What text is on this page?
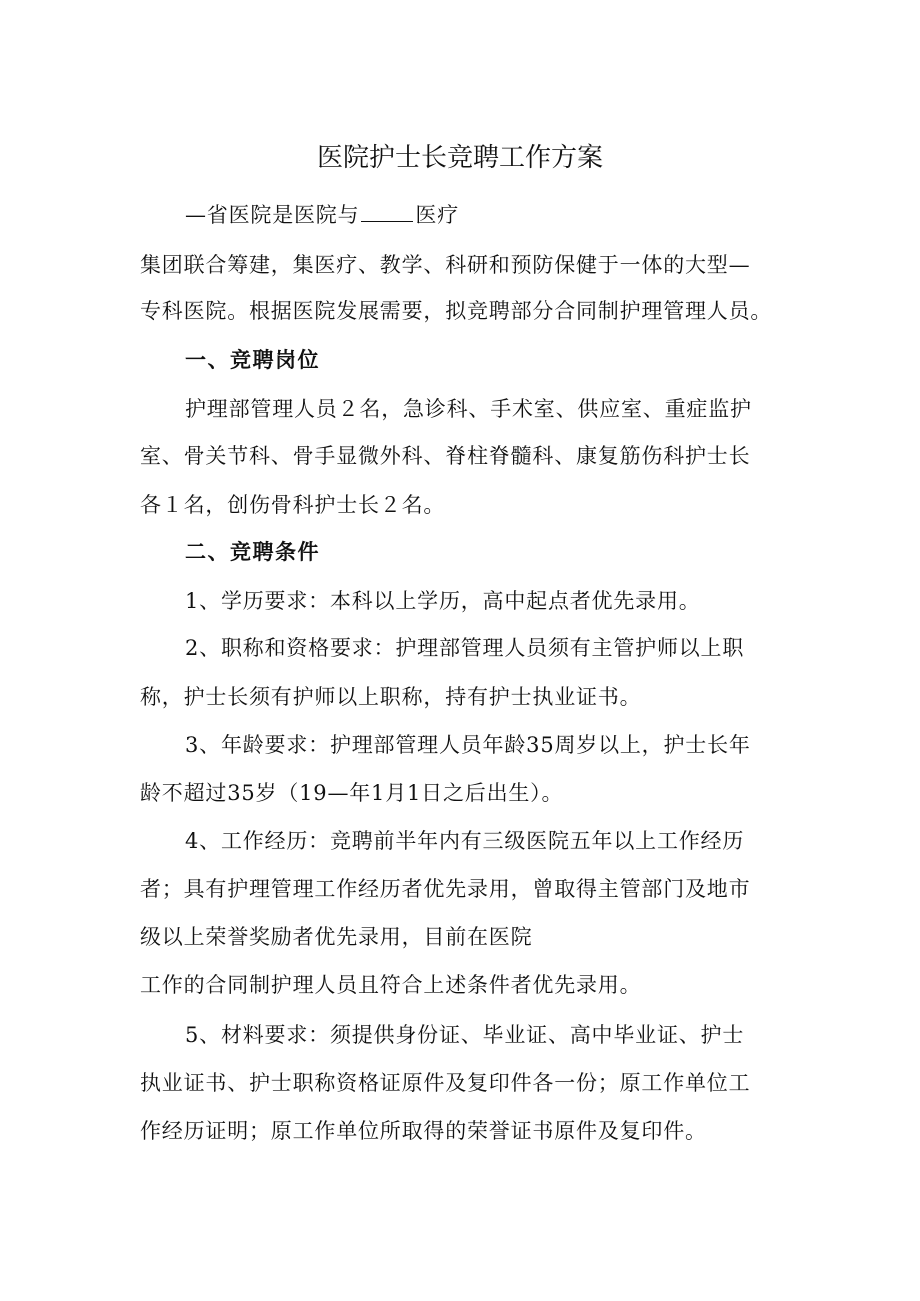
医院护士长竞聘工作方案
—省医院是医院与	医疗
集团联合筹建，集医疗、教学、科研和预防保健于一体的大型—
专科医院。根据医院发展需要，拟竞聘部分合同制护理管理人员。
一、竞聘岗位
护理部管理人员２名，急诊科、手术室、供应室、重症监护
室、骨关节科、骨手显微外科、脊柱脊髓科、康复筋伤科护士长
各１名，创伤骨科护士长２名。
二、竞聘条件
1、学历要求：本科以上学历，高中起点者优先录用。
2、职称和资格要求：护理部管理人员须有主管护师以上职
称，护士长须有护师以上职称，持有护士执业证书。
3、年龄要求：护理部管理人员年龄35周岁以上，护士长年
龄不超过35岁（19—年1月1日之后出生）。
4、工作经历：竞聘前半年内有三级医院五年以上工作经历
者；具有护理管理工作经历者优先录用，曾取得主管部门及地市
级以上荣誉奖励者优先录用，目前在医院
工作的合同制护理人员且符合上述条件者优先录用。
5、材料要求：须提供身份证、毕业证、高中毕业证、护士
执业证书、护士职称资格证原件及复印件各一份；原工作单位工
作经历证明；原工作单位所取得的荣誉证书原件及复印件。
